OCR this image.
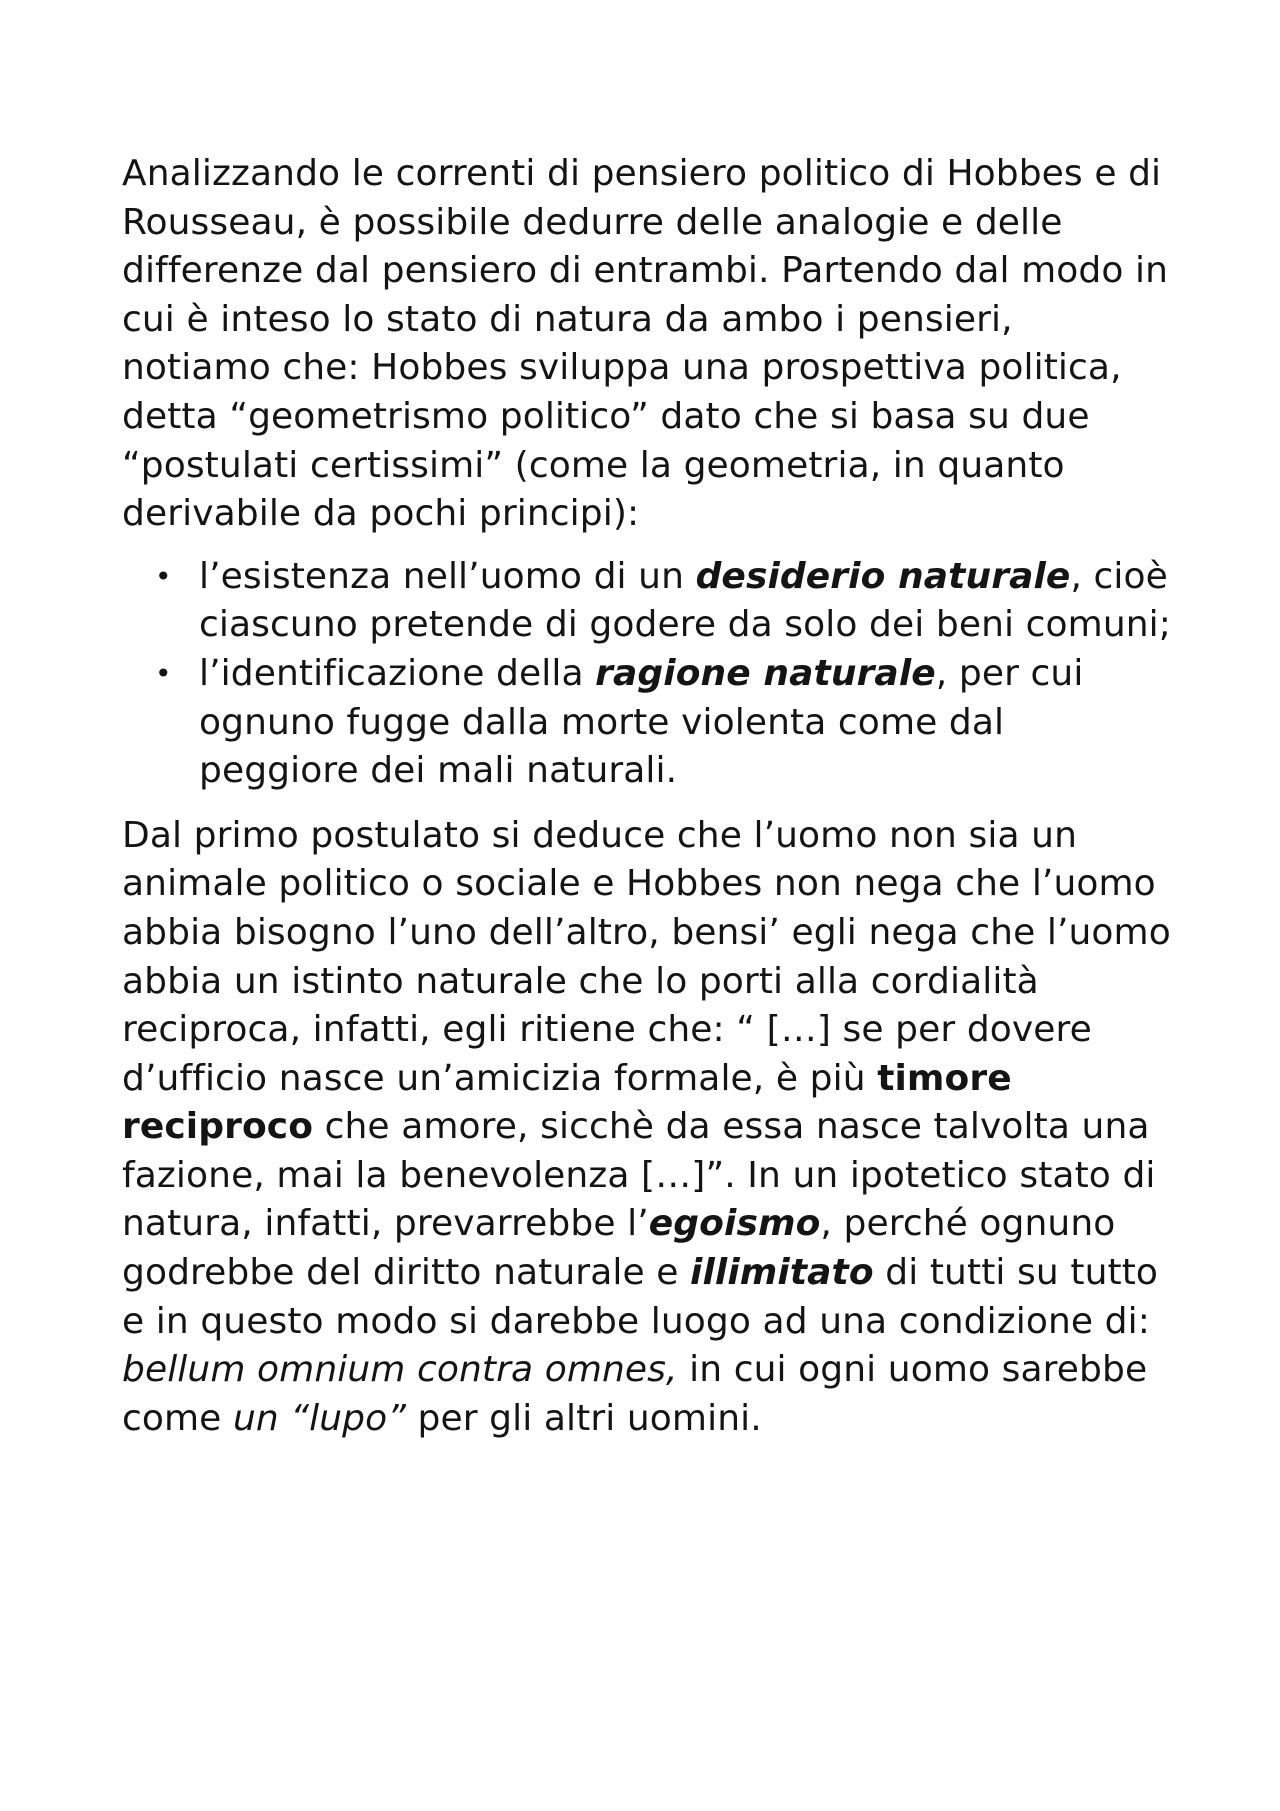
Analizzando le correnti di pensiero politico di Hobbes e di Rousseau, è possibile dedurre delle analogie e delle differenze dal pensiero di entrambi. Partendo dal modo in cui è inteso lo stato di natura da ambo i pensieri, notiamo che: Hobbes sviluppa una prospettiva politica, detta “geometrismo politico” dato che si basa su due “postulati certissimi” (come la geometria, in quanto derivabile da pochi principi):

• l’esistenza nell’uomo di un desiderio naturale, cioè ciascuno pretende di godere da solo dei beni comuni;
• l’identificazione della ragione naturale, per cui ognuno fugge dalla morte violenta come dal peggiore dei mali naturali.

Dal primo postulato si deduce che l’uomo non sia un animale politico o sociale e Hobbes non nega che l’uomo abbia bisogno l’uno dell’altro, bensi’ egli nega che l’uomo abbia un istinto naturale che lo porti alla cordialità reciproca, infatti, egli ritiene che: “ […] se per dovere d’ufficio nasce un’amicizia formale, è più timore reciproco che amore, sicchè da essa nasce talvolta una fazione, mai la benevolenza […]”. In un ipotetico stato di natura, infatti, prevarrebbe l’egoismo, perché ognuno godrebbe del diritto naturale e illimitato di tutti su tutto e in questo modo si darebbe luogo ad una condizione di: bellum omnium contra omnes, in cui ogni uomo sarebbe come un “lupo” per gli altri uomini.
